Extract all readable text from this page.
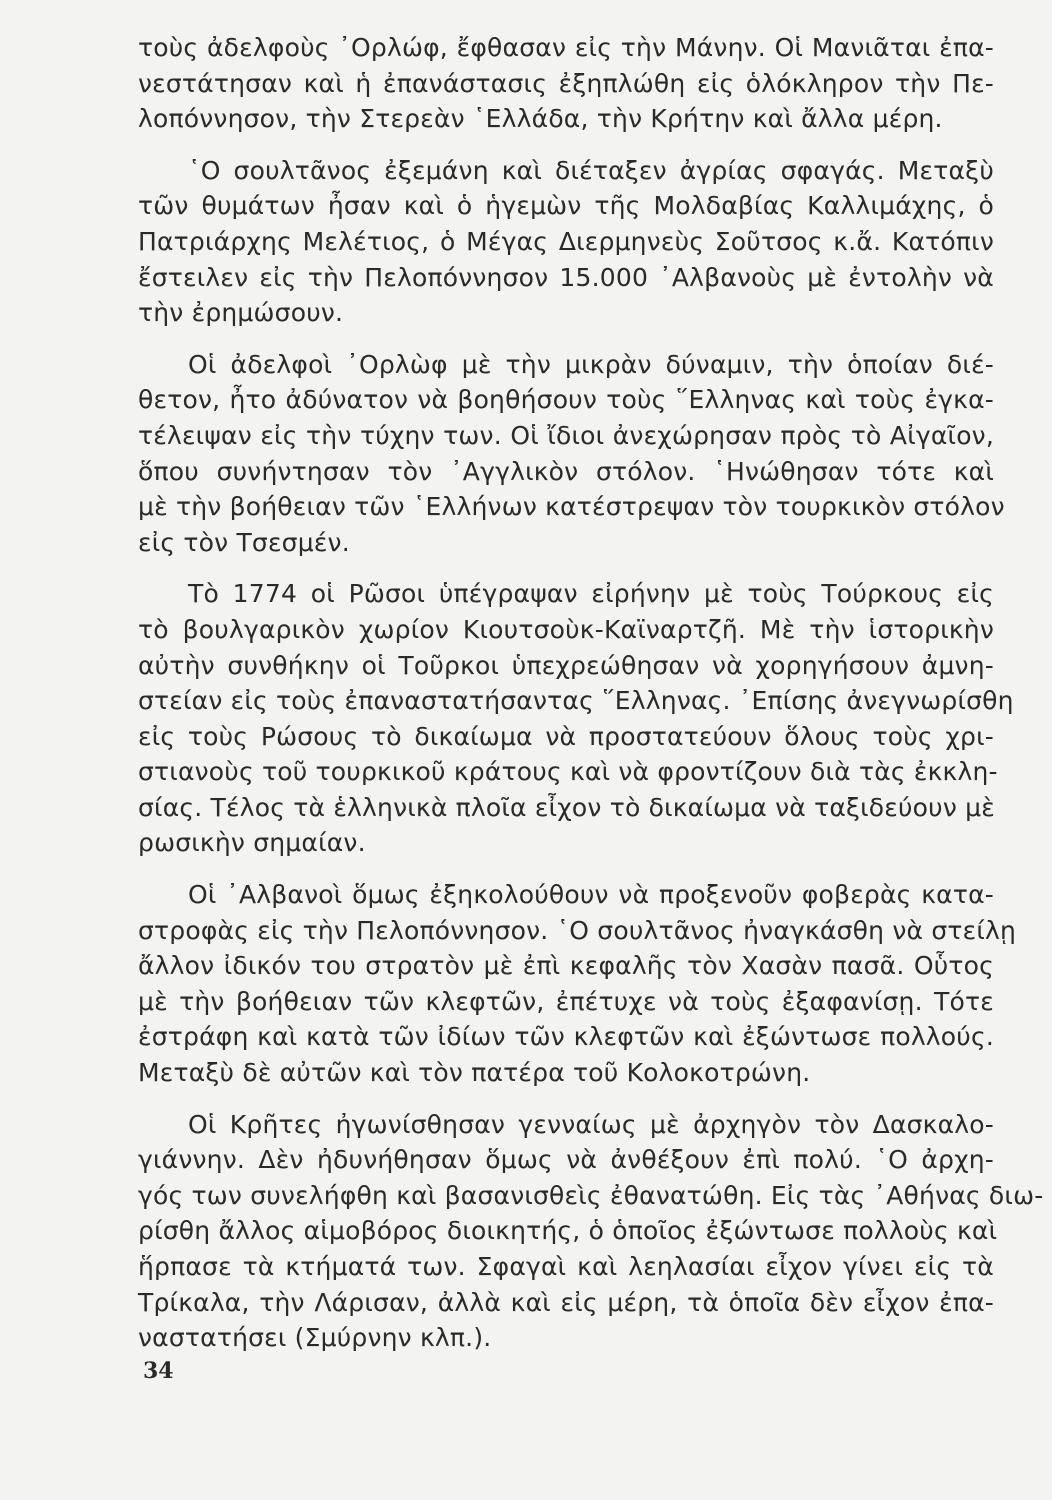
τοὺς ἀδελφοὺς ᾿Ορλώφ, ἔφθασαν εἰς τὴν Μάνην. Οἱ Μανιᾶται ἐπα-
νεστάτησαν καὶ ἡ ἐπανάστασις ἐξηπλώθη εἰς ὁλόκληρον τὴν Πε-
λοπόννησον, τὴν Στερεὰν ῾Ελλάδα, τὴν Κρήτην καὶ ἄλλα μέρη.
῾Ο σουλτᾶνος ἐξεμάνη καὶ διέταξεν ἀγρίας σφαγάς. Μεταξὺ
τῶν θυμάτων ἦσαν καὶ ὁ ἡγεμὼν τῆς Μολδαβίας Καλλιμάχης, ὁ
Πατριάρχης Μελέτιος, ὁ Μέγας Διερμηνεὺς Σοῦτσος κ.ἄ. Κατόπιν
ἔστειλεν εἰς τὴν Πελοπόννησον 15.000 ᾿Αλβανοὺς μὲ ἐντολὴν νὰ
τὴν ἐρημώσουν.
Οἱ ἀδελφοὶ ᾿Ορλὼφ μὲ τὴν μικρὰν δύναμιν, τὴν ὁποίαν διέ-
θετον, ἦτο ἀδύνατον νὰ βοηθήσουν τοὺς ῞Ελληνας καὶ τοὺς ἐγκα-
τέλειψαν εἰς τὴν τύχην των. Οἱ ἴδιοι ἀνεχώρησαν πρὸς τὸ Αἰγαῖον,
ὅπου συνήντησαν τὸν ᾿Αγγλικὸν στόλον. ῾Ηνώθησαν τότε καὶ
μὲ τὴν βοήθειαν τῶν ῾Ελλήνων κατέστρεψαν τὸν τουρκικὸν στόλον
εἰς τὸν Τσεσμέν.
Τὸ 1774 οἱ Ρῶσοι ὑπέγραψαν εἰρήνην μὲ τοὺς Τούρκους εἰς
τὸ βουλγαρικὸν χωρίον Κιουτσοὺκ-Καϊναρτζῆ. Μὲ τὴν ἱστορικὴν
αὐτὴν συνθήκην οἱ Τοῦρκοι ὑπεχρεώθησαν νὰ χορηγήσουν ἀμνη-
στείαν εἰς τοὺς ἐπαναστατήσαντας ῞Ελληνας. ᾿Επίσης ἀνεγνωρίσθη
εἰς τοὺς Ρώσους τὸ δικαίωμα νὰ προστατεύουν ὅλους τοὺς χρι-
στιανοὺς τοῦ τουρκικοῦ κράτους καὶ νὰ φροντίζουν διὰ τὰς ἐκκλη-
σίας. Τέλος τὰ ἑλληνικὰ πλοῖα εἶχον τὸ δικαίωμα νὰ ταξιδεύουν μὲ
ρωσικὴν σημαίαν.
Οἱ ᾿Αλβανοὶ ὅμως ἐξηκολούθουν νὰ προξενοῦν φοβερὰς κατα-
στροφὰς εἰς τὴν Πελοπόννησον. ῾Ο σουλτᾶνος ἠναγκάσθη νὰ στείλῃ
ἄλλον ἰδικόν του στρατὸν μὲ ἐπὶ κεφαλῆς τὸν Χασὰν πασᾶ. Οὗτος
μὲ τὴν βοήθειαν τῶν κλεφτῶν, ἐπέτυχε νὰ τοὺς ἐξαφανίσῃ. Τότε
ἐστράφη καὶ κατὰ τῶν ἰδίων τῶν κλεφτῶν καὶ ἐξώντωσε πολλούς.
Μεταξὺ δὲ αὐτῶν καὶ τὸν πατέρα τοῦ Κολοκοτρώνη.
Οἱ Κρῆτες ἠγωνίσθησαν γενναίως μὲ ἀρχηγὸν τὸν Δασκαλο-
γιάννην. Δὲν ἠδυνήθησαν ὅμως νὰ ἀνθέξουν ἐπὶ πολύ. ῾Ο ἀρχη-
γός των συνελήφθη καὶ βασανισθεὶς ἐθανατώθη. Εἰς τὰς ᾿Αθήνας διω-
ρίσθη ἄλλος αἱμοβόρος διοικητής, ὁ ὁποῖος ἐξώντωσε πολλοὺς καὶ
ἥρπασε τὰ κτήματά των. Σφαγαὶ καὶ λεηλασίαι εἶχον γίνει εἰς τὰ
Τρίκαλα, τὴν Λάρισαν, ἀλλὰ καὶ εἰς μέρη, τὰ ὁποῖα δὲν εἶχον ἐπα-
ναστατήσει (Σμύρνην κλπ.).
34
